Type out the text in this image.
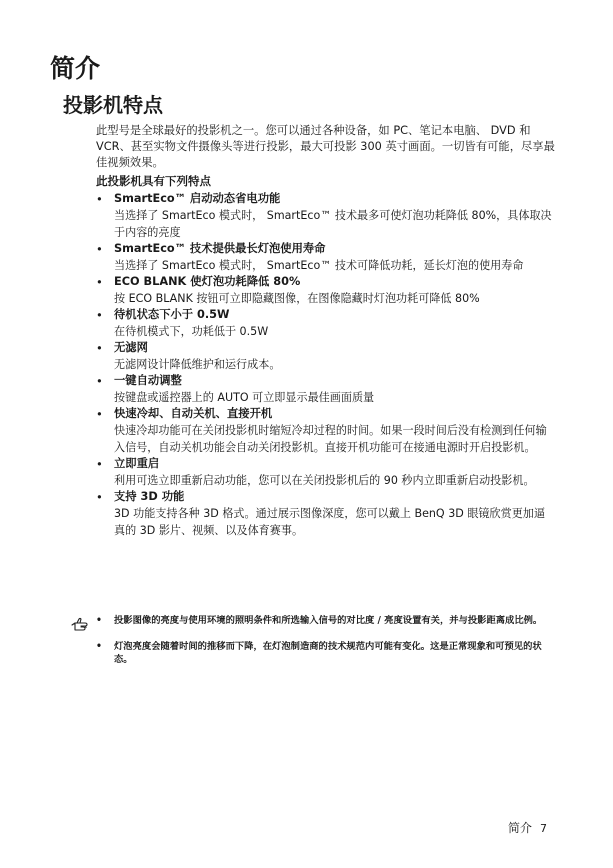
简介
投影机特点

此型号是全球最好的投影机之一。您可以通过各种设备，如 PC、笔记本电脑、 DVD 和 VCR、甚至实物文件摄像头等进行投影，最大可投影 300 英寸画面。一切皆有可能，尽享最佳视频效果。

此投影机具有下列特点

• SmartEco™ 启动动态省电功能
当选择了 SmartEco 模式时， SmartEco™ 技术最多可使灯泡功耗降低 80%，具体取决于内容的亮度
• SmartEco™ 技术提供最长灯泡使用寿命
当选择了 SmartEco 模式时， SmartEco™ 技术可降低功耗，延长灯泡的使用寿命
• ECO BLANK 使灯泡功耗降低 80%
按 ECO BLANK 按钮可立即隐藏图像，在图像隐藏时灯泡功耗可降低 80%
• 待机状态下小于 0.5W
在待机模式下，功耗低于 0.5W
• 无滤网
无滤网设计降低维护和运行成本。
• 一键自动调整
按键盘或遥控器上的 AUTO 可立即显示最佳画面质量
• 快速冷却、自动关机、直接开机
快速冷却功能可在关闭投影机时缩短冷却过程的时间。如果一段时间后没有检测到任何输入信号，自动关机功能会自动关闭投影机。直接开机功能可在接通电源时开启投影机。
• 立即重启
利用可选立即重新启动功能，您可以在关闭投影机后的 90 秒内立即重新启动投影机。
• 支持 3D 功能
3D 功能支持各种 3D 格式。通过展示图像深度，您可以戴上 BenQ 3D 眼镜欣赏更加逼真的 3D 影片、视频、以及体育赛事。
• 投影图像的亮度与使用环境的照明条件和所选输入信号的对比度 / 亮度设置有关，并与投影距离成比例。
• 灯泡亮度会随着时间的推移而下降，在灯泡制造商的技术规范内可能有变化。这是正常现象和可预见的状态。
简介 7
